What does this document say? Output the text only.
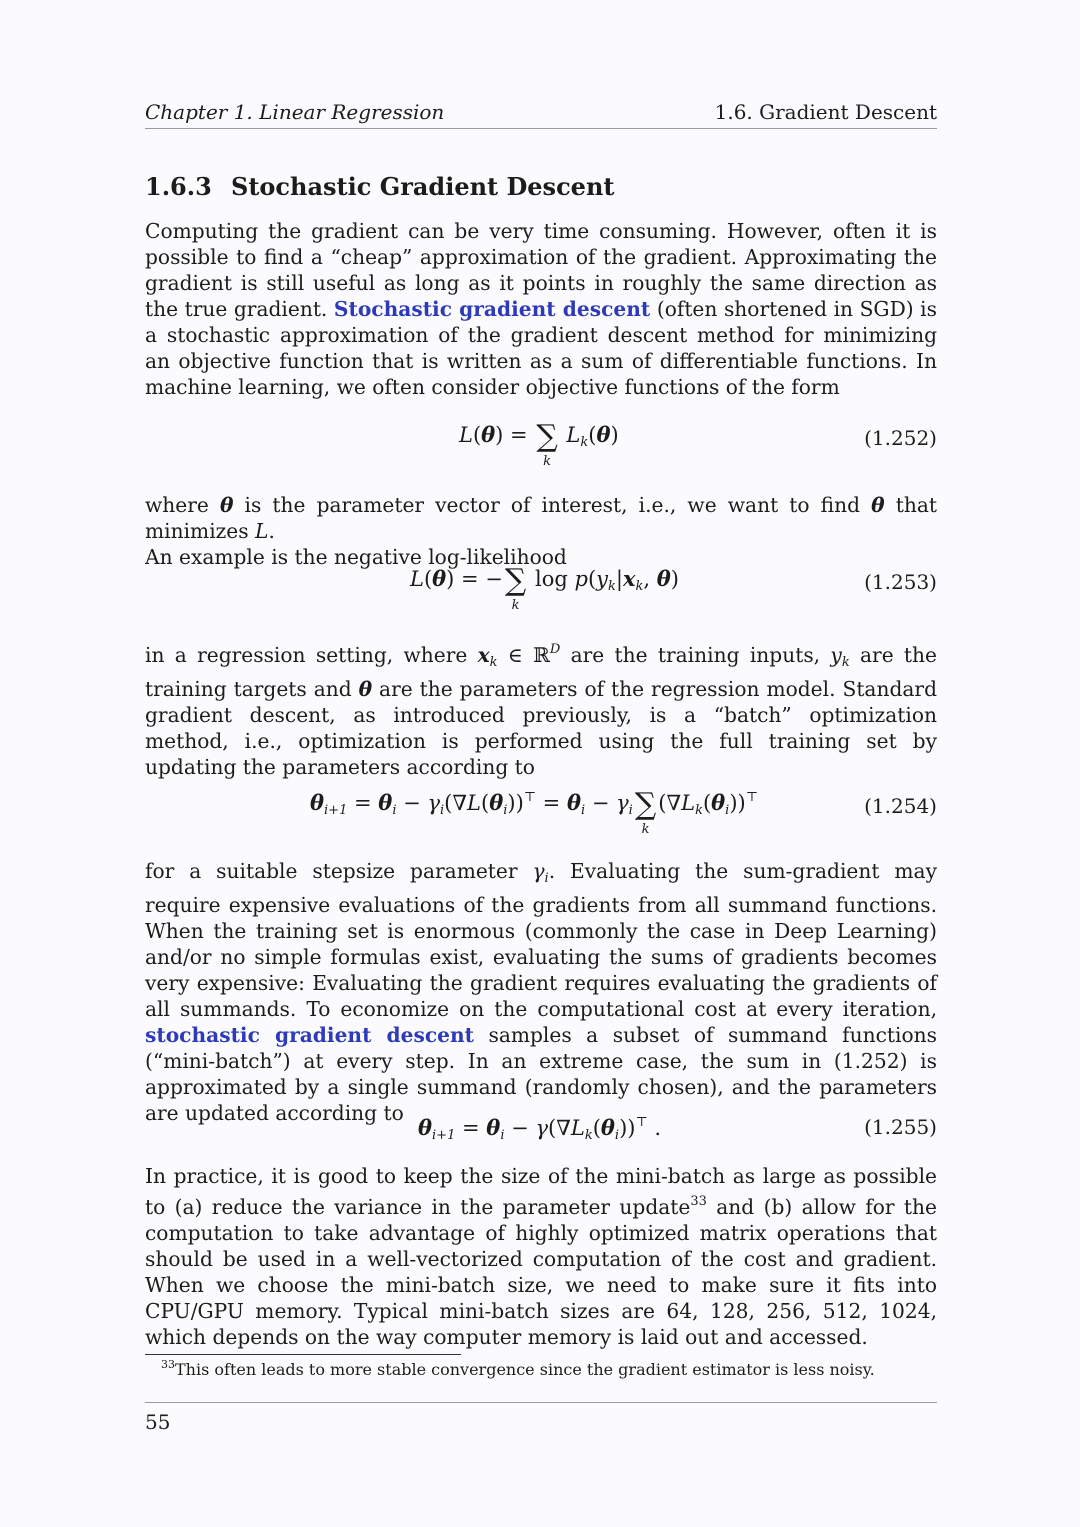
Chapter 1. Linear Regression	1.6. Gradient Descent
1.6.3 Stochastic Gradient Descent

Computing the gradient can be very time consuming. However, often it is possible to find a “cheap” approximation of the gradient. Approximating the gradient is still useful as long as it points in roughly the same direction as the true gradient. Stochastic gradient descent (often shortened in SGD) is a stochastic approximation of the gradient descent method for minimizing an objective function that is written as a sum of differentiable functions. In machine learning, we often consider objective functions of the form

L(θ) = ∑
k
$L_k(\theta)$	(1.252)

where θ is the parameter vector of interest, i.e., we want to find θ that minimizes L.
An example is the negative log-likelihood

L(θ) = −∑
k
$\log p(y_k|x_k$, θ)	(1.253)

in a regression setting, where $x_k$ ∈ ℝ$^D$ are the training inputs, $y_k$ are the training targets and θ are the parameters of the regression model. Standard gradient descent, as introduced previously, is a “batch” optimization method, i.e., optimization is performed using the full training set by updating the parameters according to

$\theta_{i+1} = \theta_i - \gamma_i(\nabla L(\theta_i))^⊤ = \theta_i - \gamma_i\sum$
k
$(\nabla L_k(\theta_i))^⊤$	(1.254)

for a suitable stepsize parameter $\gamma_i$. Evaluating the sum-gradient may require expensive evaluations of the gradients from all summand functions. When the training set is enormous (commonly the case in Deep Learning) and/or no simple formulas exist, evaluating the sums of gradients becomes very expensive: Evaluating the gradient requires evaluating the gradients of all summands. To economize on the computational cost at every iteration, stochastic gradient descent samples a subset of summand functions (“mini-batch”) at every step. In an extreme case, the sum in (1.252) is approximated by a single summand (randomly chosen), and the parameters are updated according to

$\theta_{i+1} = \theta_i - \gamma(\nabla L_k(\theta_i))^⊤$ .	(1.255)

In practice, it is good to keep the size of the mini-batch as large as possible to (a) reduce the variance in the parameter update$^{33}$ and (b) allow for the computation to take advantage of highly optimized matrix operations that should be used in a well-vectorized computation of the cost and gradient. When we choose the mini-batch size, we need to make sure it fits into CPU/GPU memory. Typical mini-batch sizes are 64, 128, 256, 512, 1024, which depends on the way computer memory is laid out and accessed.

$^{33}$This often leads to more stable convergence since the gradient estimator is less noisy.
55
